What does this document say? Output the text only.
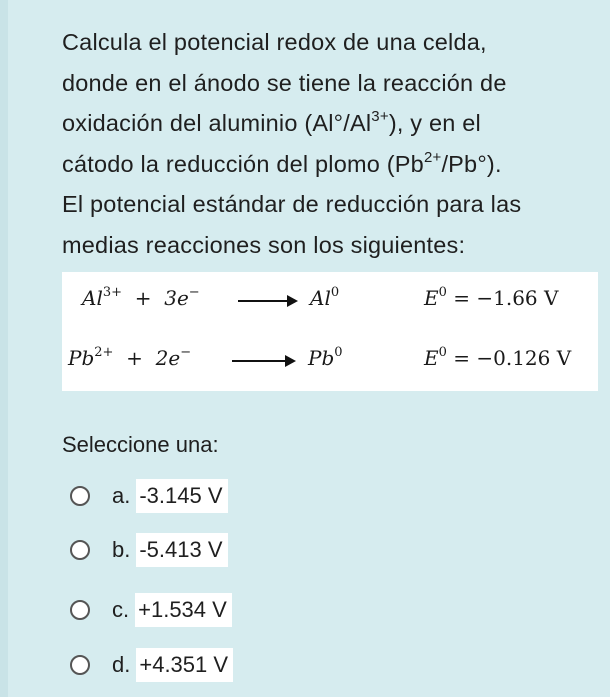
Calcula el potencial redox de una celda,

donde en el ánodo se tiene la reacción de

oxidación del aluminio $(Al^\circ/Al^{3+})$, y en el

cátodo la reducción del plomo $(Pb^{2+}/Pb^\circ)$.

El potencial estándar de reducción para las

medias reacciones son los siguientes:

$Al^{3+} + 3e^-$	Al$^0$	$E^0 = -1.66$ V
$Pb^{2+} + 2e^-$	Pb$^0$	$E^0 = -0.126$ V
Seleccione una:
a. -3.145 V
b. -5.413 V
c. +1.534 V
d. +4.351 V
